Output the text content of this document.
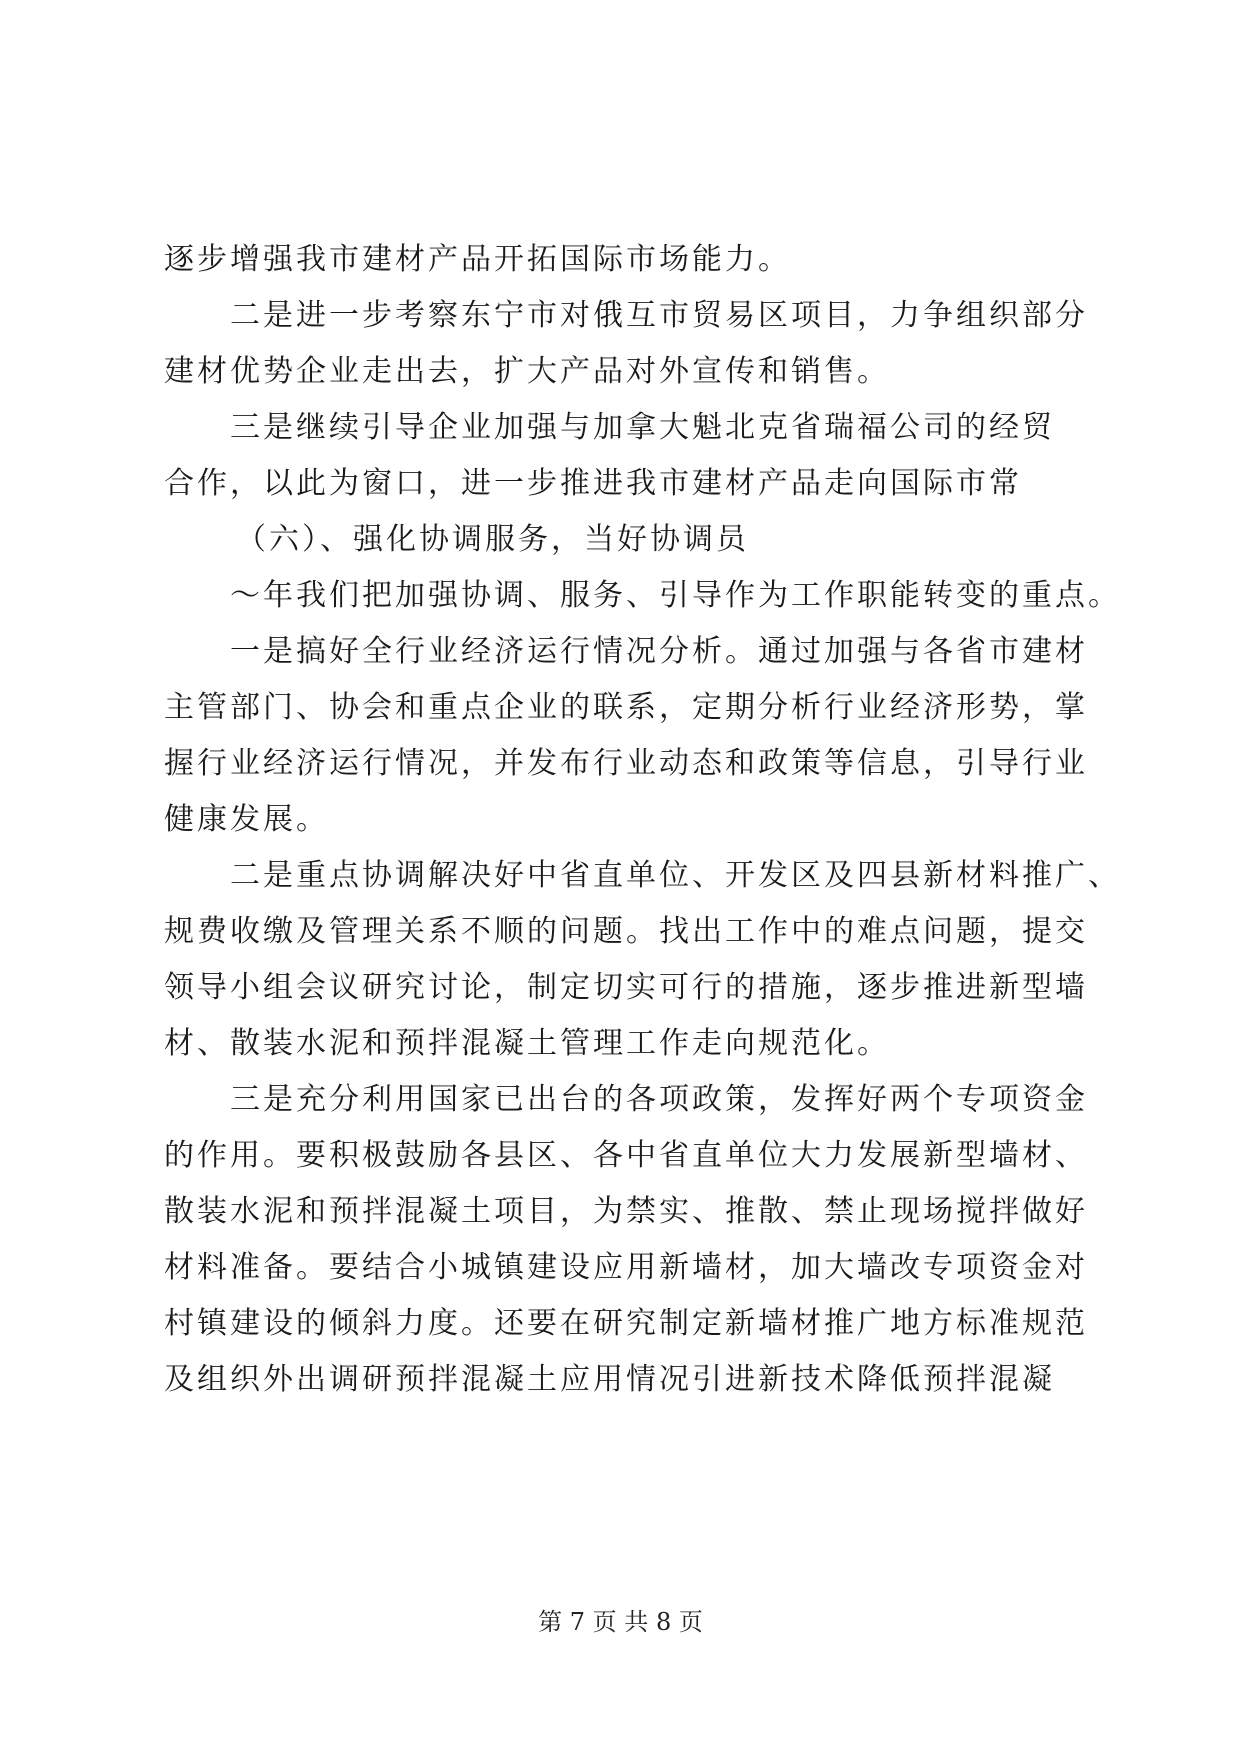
逐步增强我市建材产品开拓国际市场能力。
二是进一步考察东宁市对俄互市贸易区项目，力争组织部分
建材优势企业走出去，扩大产品对外宣传和销售。
三是继续引导企业加强与加拿大魁北克省瑞福公司的经贸
合作，以此为窗口，进一步推进我市建材产品走向国际市常
（六）、强化协调服务，当好协调员
～年我们把加强协调、服务、引导作为工作职能转变的重点。
一是搞好全行业经济运行情况分析。通过加强与各省市建材
主管部门、协会和重点企业的联系，定期分析行业经济形势，掌
握行业经济运行情况，并发布行业动态和政策等信息，引导行业
健康发展。
二是重点协调解决好中省直单位、开发区及四县新材料推广、
规费收缴及管理关系不顺的问题。找出工作中的难点问题，提交
领导小组会议研究讨论，制定切实可行的措施，逐步推进新型墙
材、散装水泥和预拌混凝土管理工作走向规范化。
三是充分利用国家已出台的各项政策，发挥好两个专项资金
的作用。要积极鼓励各县区、各中省直单位大力发展新型墙材、
散装水泥和预拌混凝土项目，为禁实、推散、禁止现场搅拌做好
材料准备。要结合小城镇建设应用新墙材，加大墙改专项资金对
村镇建设的倾斜力度。还要在研究制定新墙材推广地方标准规范
及组织外出调研预拌混凝土应用情况引进新技术降低预拌混凝
第 7 页 共 8 页
